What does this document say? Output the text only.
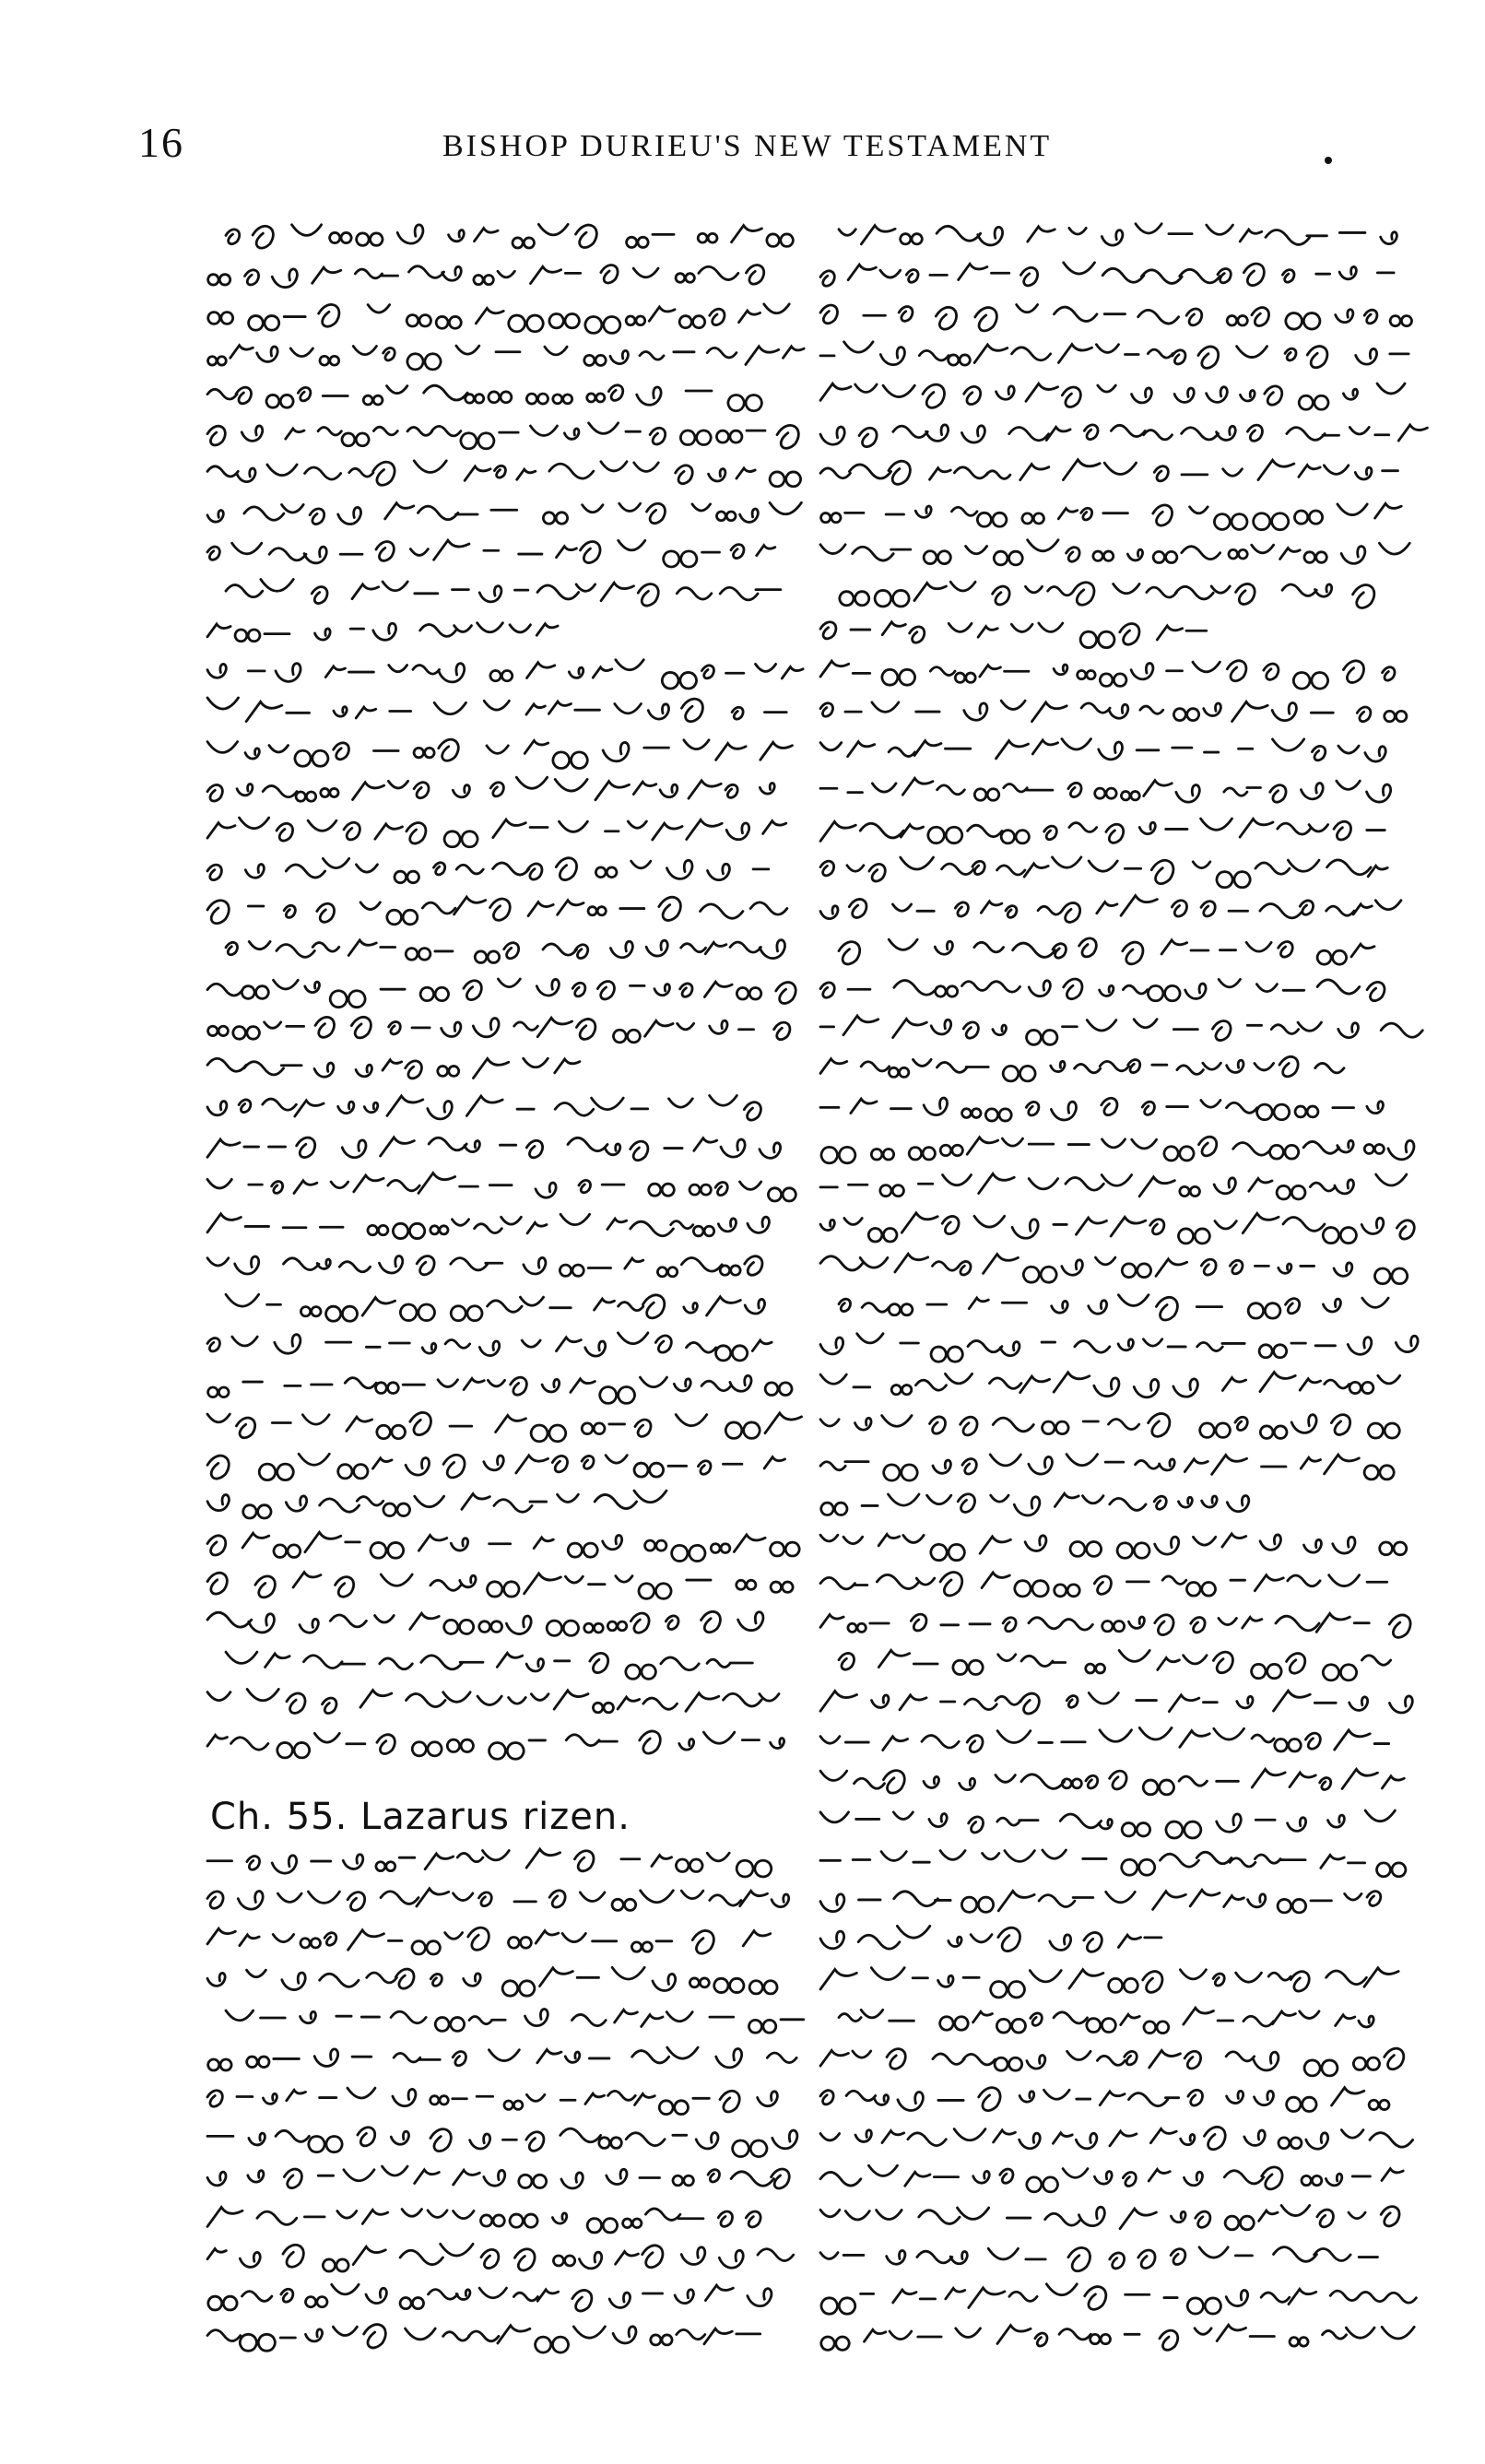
16	BISHOP DURIEU'S NEW TESTAMENT
Ch. 55. Lazarus rizen.
